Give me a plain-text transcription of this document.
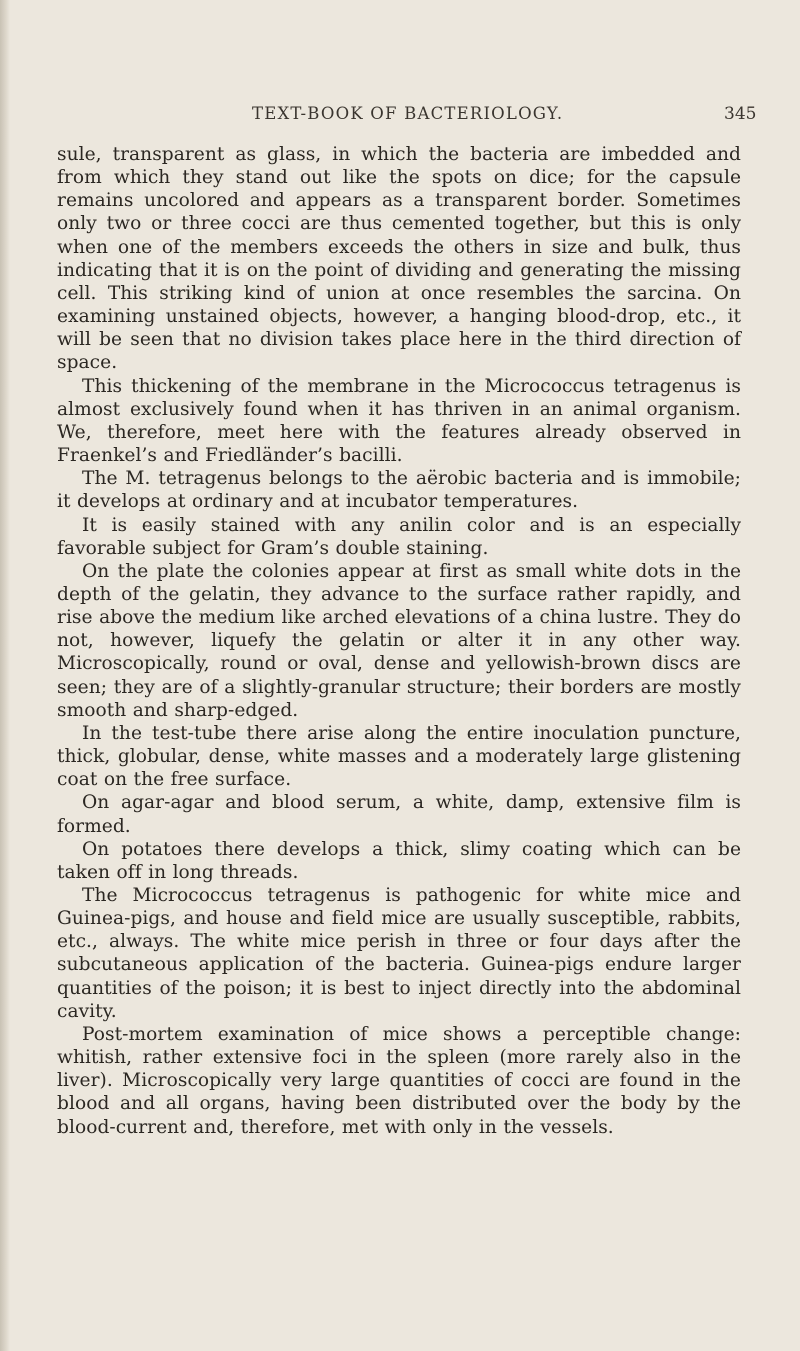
TEXT-BOOK OF BACTERIOLOGY.	345

sule, transparent as glass, in which the bacteria are imbedded and from which they stand out like the spots on dice; for the capsule remains uncolored and appears as a transparent border. Sometimes only two or three cocci are thus cemented together, but this is only when one of the members exceeds the others in size and bulk, thus indicating that it is on the point of dividing and generating the missing cell. This striking kind of union at once resembles the sarcina. On examining unstained objects, however, a hanging blood-drop, etc., it will be seen that no division takes place here in the third direction of space.

This thickening of the membrane in the Micrococcus tetragenus is almost exclusively found when it has thriven in an animal organism. We, therefore, meet here with the features already observed in Fraenkel’s and Friedländer’s bacilli.

The M. tetragenus belongs to the aërobic bacteria and is immobile; it develops at ordinary and at incubator temperatures.

It is easily stained with any anilin color and is an especially favorable subject for Gram’s double staining.

On the plate the colonies appear at first as small white dots in the depth of the gelatin, they advance to the surface rather rapidly, and rise above the medium like arched elevations of a china lustre. They do not, however, liquefy the gelatin or alter it in any other way. Microscopically, round or oval, dense and yellowish-brown discs are seen; they are of a slightly-granular structure; their borders are mostly smooth and sharp-edged.

In the test-tube there arise along the entire inoculation puncture, thick, globular, dense, white masses and a moderately large glistening coat on the free surface.

On agar-agar and blood serum, a white, damp, extensive film is formed.

On potatoes there develops a thick, slimy coating which can be taken off in long threads.

The Micrococcus tetragenus is pathogenic for white mice and Guinea-pigs, and house and field mice are usually susceptible, rabbits, etc., always. The white mice perish in three or four days after the subcutaneous application of the bacteria. Guinea-pigs endure larger quantities of the poison; it is best to inject directly into the abdominal cavity.

Post-mortem examination of mice shows a perceptible change: whitish, rather extensive foci in the spleen (more rarely also in the liver). Microscopically very large quantities of cocci are found in the blood and all organs, having been distributed over the body by the blood-current and, therefore, met with only in the vessels.
